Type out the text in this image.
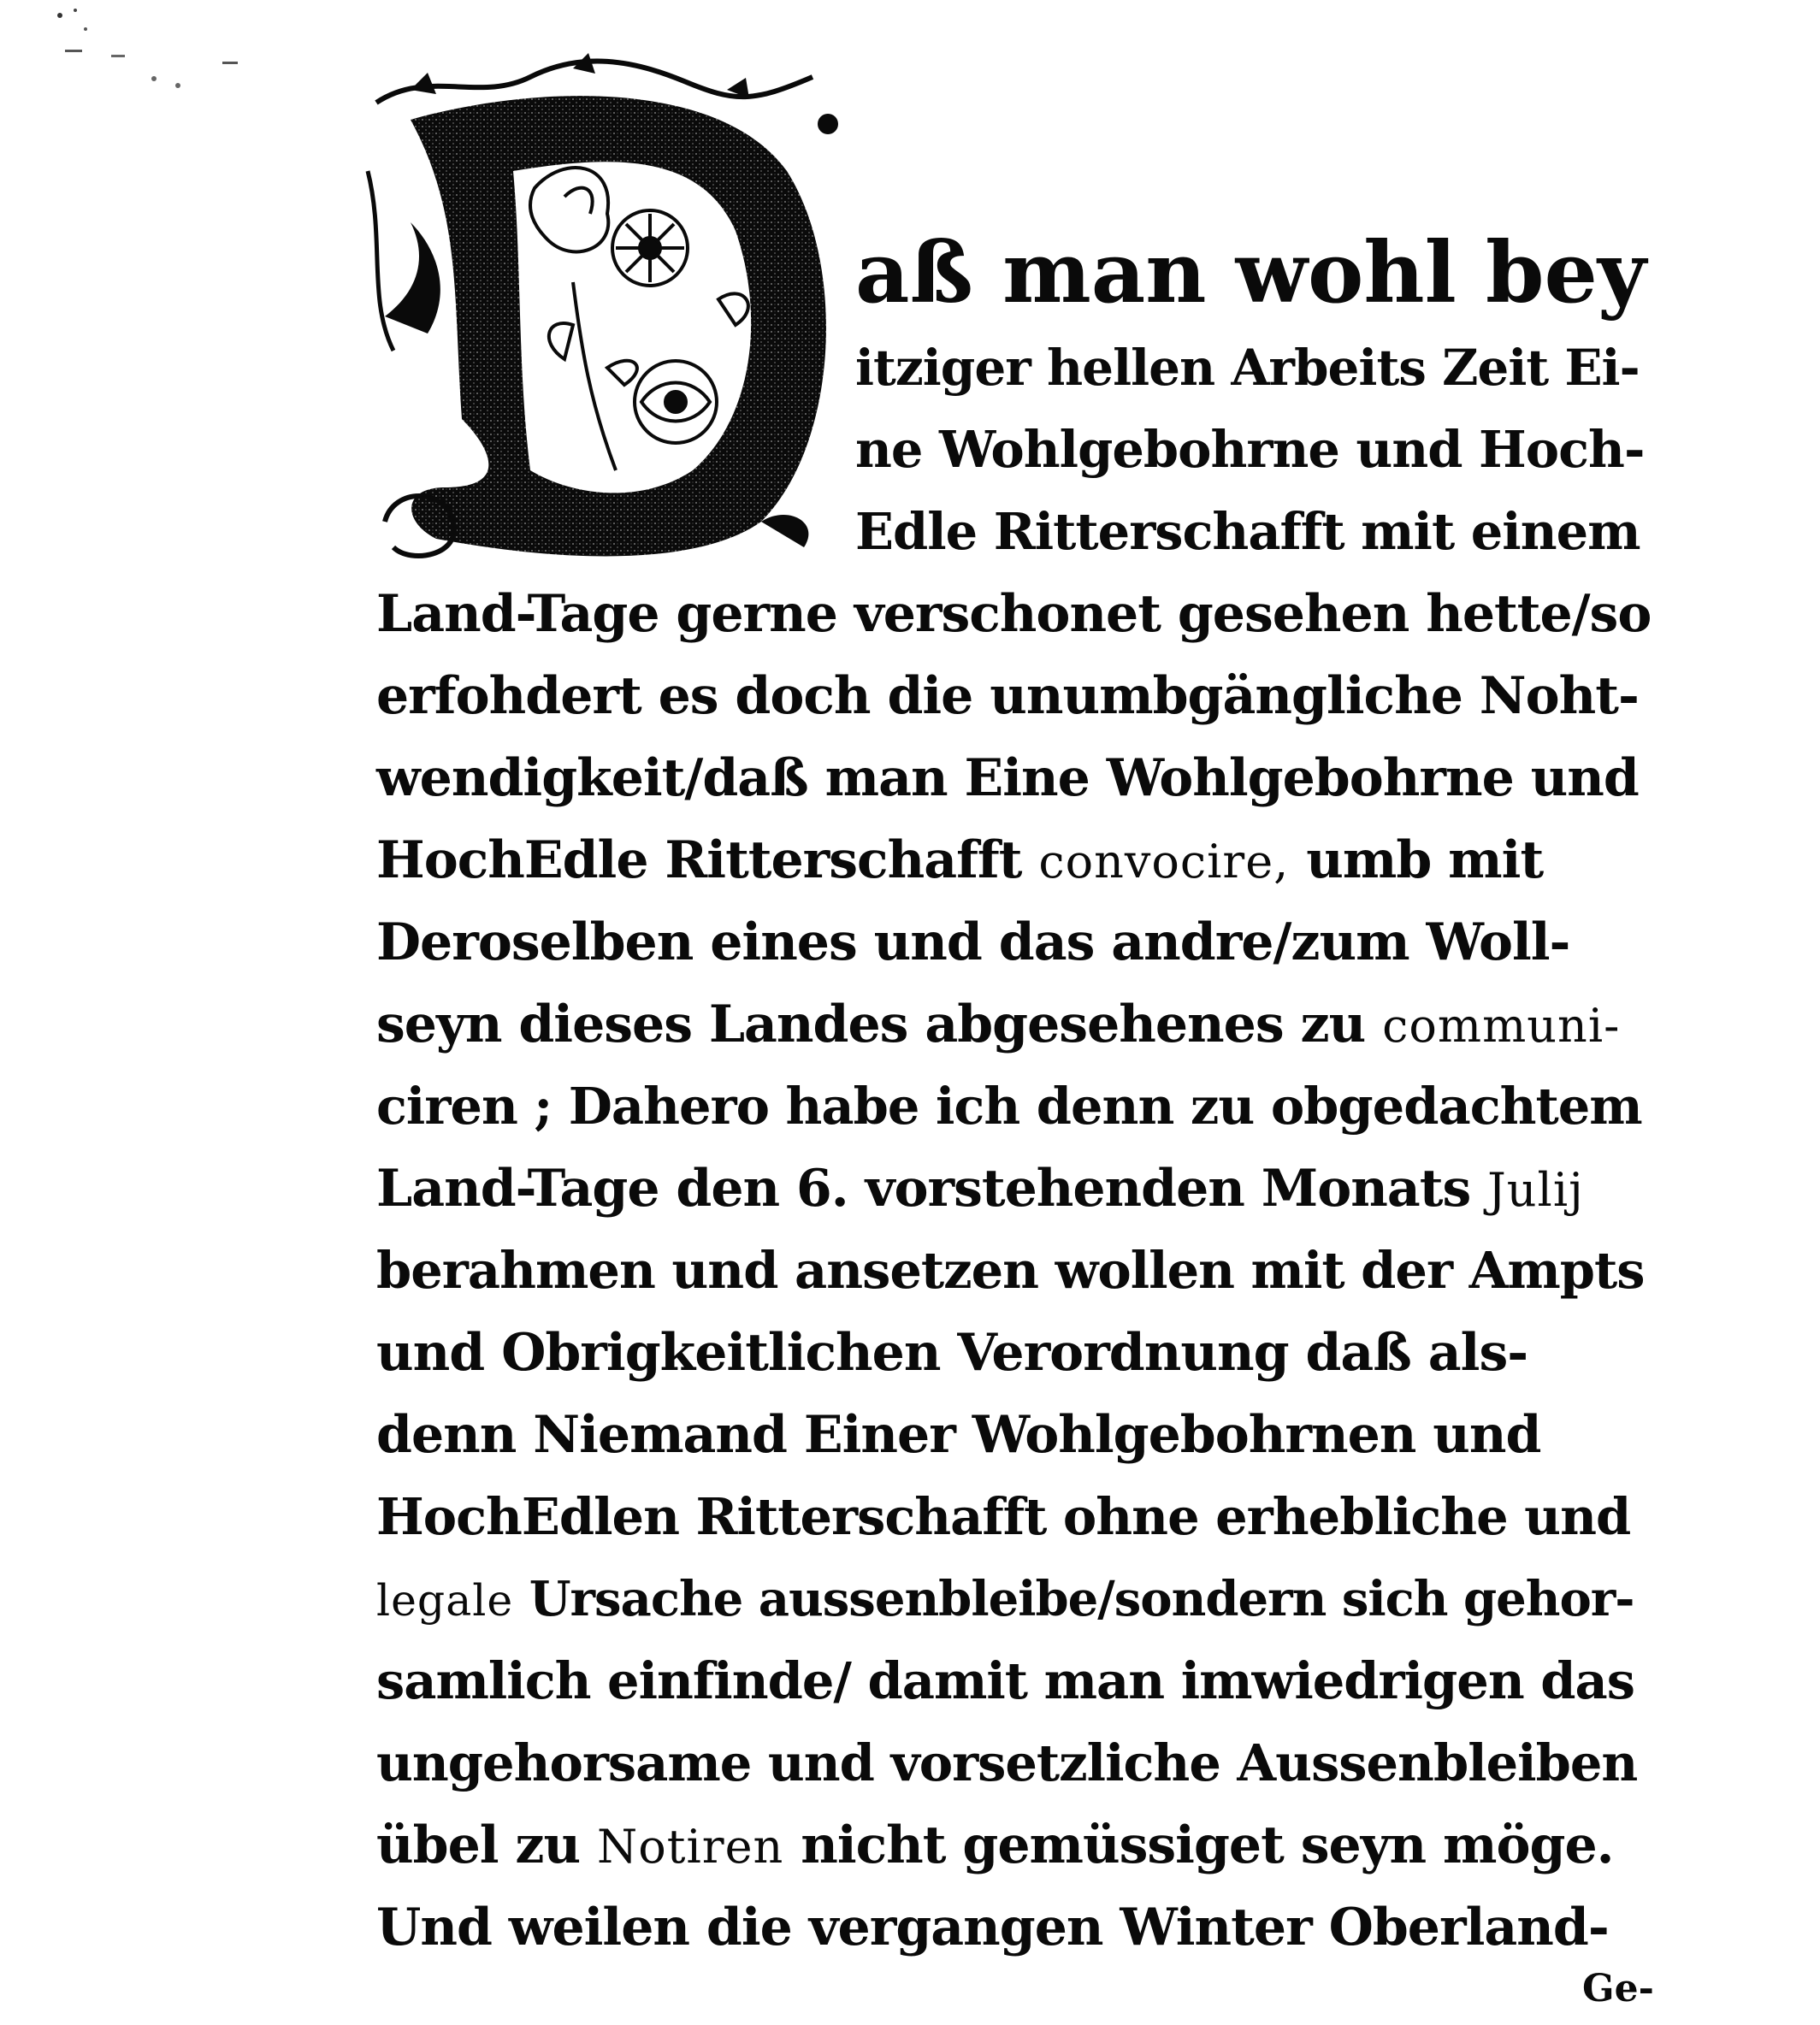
aß man wohl bey

itziger hellen Arbeits Zeit Ei-

ne Wohlgebohrne und Hoch-

Edle Ritterschafft mit einem

Land-Tage gerne verschonet gesehen hette/so

erfohdert es doch die unumbgängliche Noht-

wendigkeit/daß man Eine Wohlgebohrne und

HochEdle Ritterschafft convocire, umb mit

Deroselben eines und das andre/zum Woll-

seyn dieses Landes abgesehenes zu communi-

ciren ; Dahero habe ich denn zu obgedachtem

Land-Tage den 6. vorstehenden Monats Julij

berahmen und ansetzen wollen mit der Ampts

und Obrigkeitlichen Verordnung daß als-

denn Niemand Einer Wohlgebohrnen und

HochEdlen Ritterschafft ohne erhebliche und

legale Ursache aussenbleibe/sondern sich gehor-

samlich einfinde/ damit man imwiedrigen das

ungehorsame und vorsetzliche Aussenbleiben

übel zu Notiren nicht gemüssiget seyn möge.

Und weilen die vergangen Winter Oberland-

Ge-
